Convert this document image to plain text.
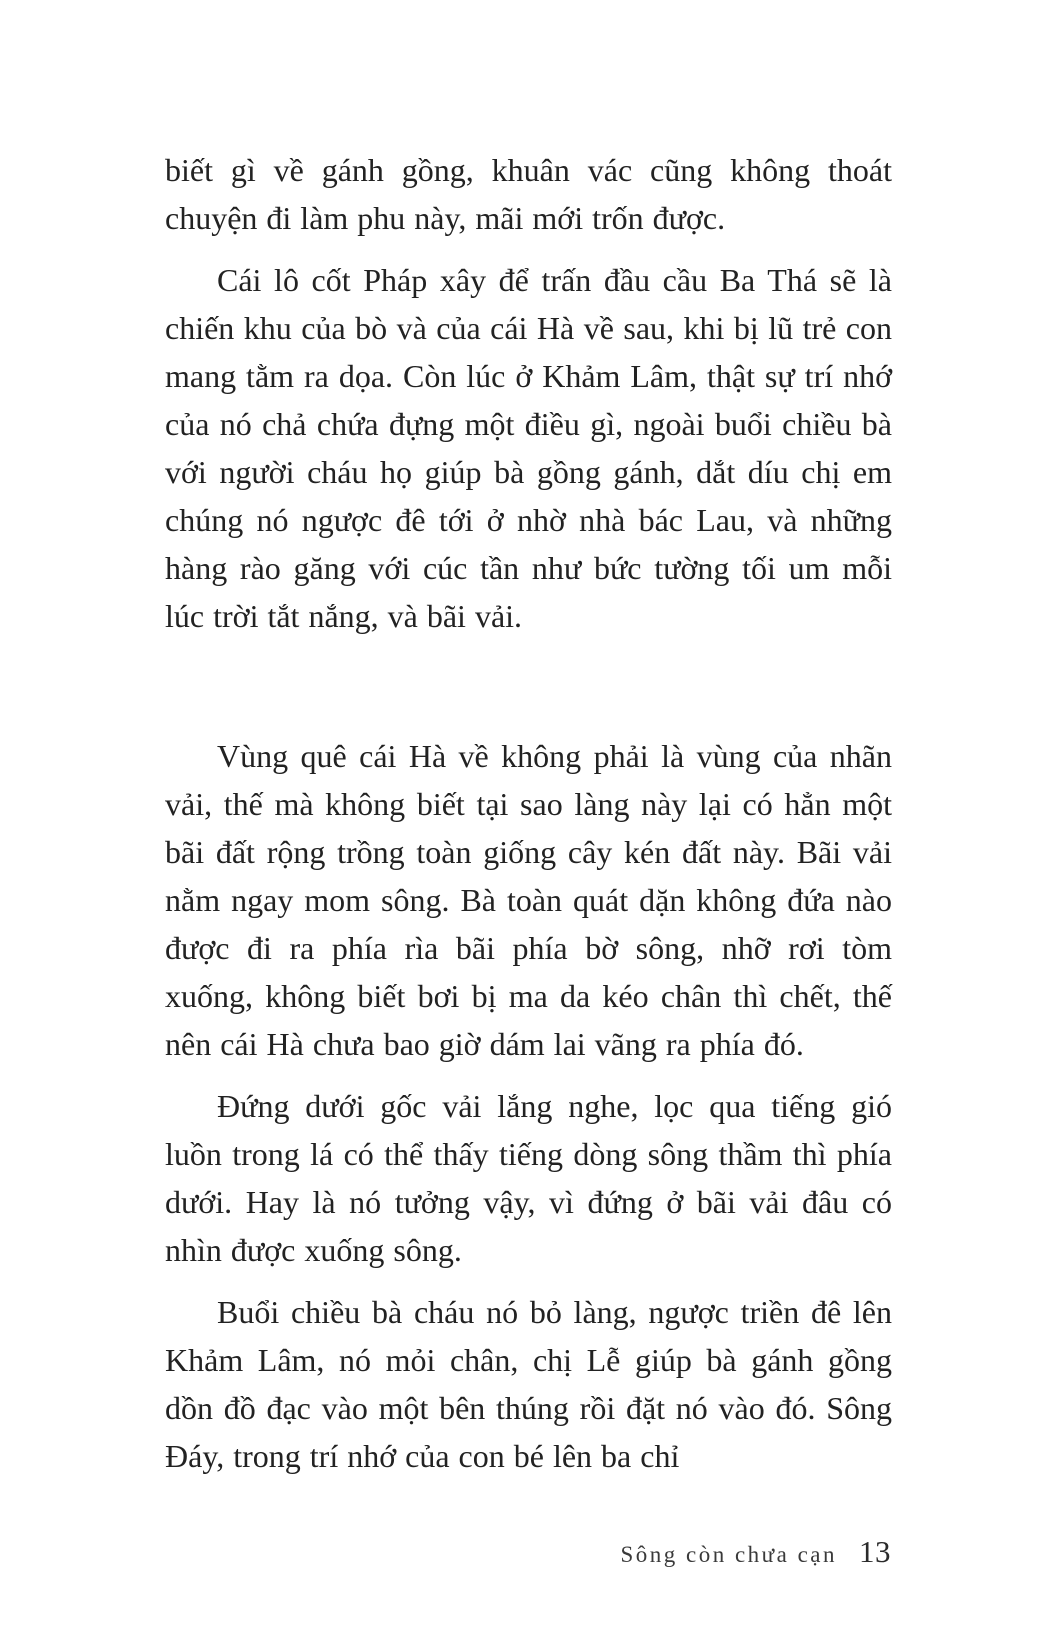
biết gì về gánh gồng, khuân vác cũng không thoát chuyện đi làm phu này, mãi mới trốn được.

Cái lô cốt Pháp xây để trấn đầu cầu Ba Thá sẽ là chiến khu của bò và của cái Hà về sau, khi bị lũ trẻ con mang tằm ra dọa. Còn lúc ở Khảm Lâm, thật sự trí nhớ của nó chả chứa đựng một điều gì, ngoài buổi chiều bà với người cháu họ giúp bà gồng gánh, dắt díu chị em chúng nó ngược đê tới ở nhờ nhà bác Lau, và những hàng rào găng với cúc tần như bức tường tối um mỗi lúc trời tắt nắng, và bãi vải.

Vùng quê cái Hà về không phải là vùng của nhãn vải, thế mà không biết tại sao làng này lại có hẳn một bãi đất rộng trồng toàn giống cây kén đất này. Bãi vải nằm ngay mom sông. Bà toàn quát dặn không đứa nào được đi ra phía rìa bãi phía bờ sông, nhỡ rơi tòm xuống, không biết bơi bị ma da kéo chân thì chết, thế nên cái Hà chưa bao giờ dám lai vãng ra phía đó.

Đứng dưới gốc vải lắng nghe, lọc qua tiếng gió luồn trong lá có thể thấy tiếng dòng sông thầm thì phía dưới. Hay là nó tưởng vậy, vì đứng ở bãi vải đâu có nhìn được xuống sông.

Buổi chiều bà cháu nó bỏ làng, ngược triền đê lên Khảm Lâm, nó mỏi chân, chị Lễ giúp bà gánh gồng dồn đồ đạc vào một bên thúng rồi đặt nó vào đó. Sông Đáy, trong trí nhớ của con bé lên ba chỉ

Sông còn chưa cạn 13
